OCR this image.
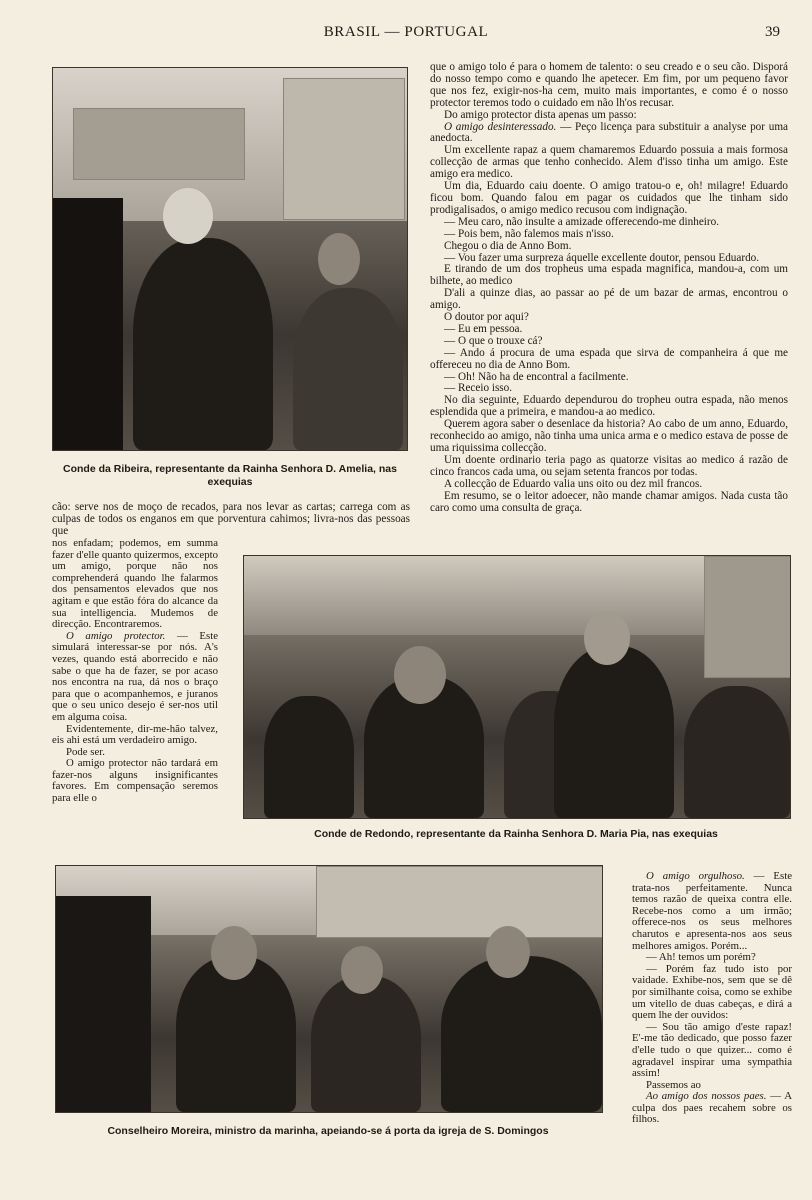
BRASIL — PORTUGAL	39
Conde da Ribeira, representante da Rainha Senhora D. Amelia, nas exequias

que o amigo tolo é para o homem de talento: o seu creado e o seu cão. Disporá do nosso tempo como e quando lhe apetecer. Em fim, por um pequeno favor que nos fez, exigir-nos-ha cem, muito mais importantes, e como é o nosso protector teremos todo o cuidado em não lh'os recusar.

Do amigo protector dista apenas um passo:

O amigo desinteressado. — Peço licença para substituir a analyse por uma anedocta.

Um excellente rapaz a quem chamaremos Eduardo possuia a mais formosa collecção de armas que tenho conhecido. Alem d'isso tinha um amigo. Este amigo era medico.

Um dia, Eduardo caiu doente. O amigo tratou-o e, oh! milagre! Eduardo ficou bom. Quando falou em pagar os cuidados que lhe tinham sido prodigalisados, o amigo medico recusou com indignação.

— Meu caro, não insulte a amizade offerecendo-me dinheiro.

— Pois bem, não falemos mais n'isso.

Chegou o dia de Anno Bom.

— Vou fazer uma surpreza áquelle excellente doutor, pensou Eduardo.

E tirando de um dos tropheus uma espada magnifica, mandou-a, com um bilhete, ao medico

D'ali a quinze dias, ao passar ao pé de um bazar de armas, encontrou o amigo.

O doutor por aqui?

— Eu em pessoa.

— O que o trouxe cá?

— Ando á procura de uma espada que sirva de companheira á que me offereceu no dia de Anno Bom.

— Oh! Não ha de encontral a facilmente.

— Receio isso.

No dia seguinte, Eduardo dependurou do tropheu outra espada, não menos esplendida que a primeira, e mandou-a ao medico.

Querem agora saber o desenlace da historia? Ao cabo de um anno, Eduardo, reconhecido ao amigo, não tinha uma unica arma e o medico estava de posse de uma riquissima collecção.

Um doente ordinario teria pago as quatorze visitas ao medico á razão de cinco francos cada uma, ou sejam setenta francos por todas.

A collecção de Eduardo valia uns oito ou dez mil francos.

Em resumo, se o leitor adoecer, não mande chamar amigos. Nada custa tão caro como uma consulta de graça.

cão: serve nos de moço de recados, para nos levar as cartas; carrega com as culpas de todos os enganos em que porventura cahimos; livra-nos das pessoas que

nos enfadam; podemos, em summa fazer d'elle quanto quizermos, excepto um amigo, porque não nos comprehenderá quando lhe falarmos dos pensamentos elevados que nos agitam e que estão fóra do alcance da sua intelligencia. Mudemos de direcção. Encontraremos.

O amigo protector. — Este simulará interessar-se por nós. A's vezes, quando está aborrecido e não sabe o que ha de fazer, se por acaso nos encontra na rua, dá nos o braço para que o acompanhemos, e juranos que o seu unico desejo é ser-nos util em alguma coisa.

Evidentemente, dir-me-hão talvez, eis ahi está um verdadeiro amigo.

Pode ser.

O amigo protector não tardará em fazer-nos alguns insignificantes favores. Em compensação seremos para elle o

Conde de Redondo, representante da Rainha Senhora D. Maria Pia, nas exequias
Conselheiro Moreira, ministro da marinha, apeiando-se á porta da igreja de S. Domingos

O amigo orgulhoso. — Este trata-nos perfeitamente. Nunca temos razão de queixa contra elle. Recebe-nos como a um irmão; offerece-nos os seus melhores charutos e apresenta-nos aos seus melhores amigos. Porém...

— Ah! temos um porém?

— Porém faz tudo isto por vaidade. Exhibe-nos, sem que se dê por similhante coisa, como se exhibe um vitello de duas cabeças, e dirá a quem lhe der ouvidos:

— Sou tão amigo d'este rapaz! E'-me tão dedicado, que posso fazer d'elle tudo o que quizer... como é agradavel inspirar uma sympathia assim!

Passemos ao

Ao amigo dos nossos paes. — A culpa dos paes recahem sobre os filhos.
